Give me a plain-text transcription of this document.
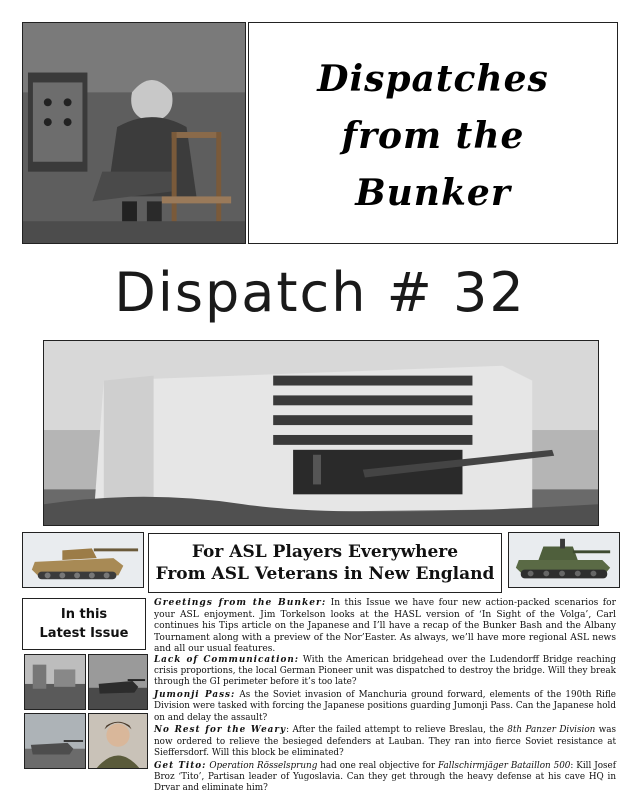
Dispatches
from the
Bunker
Dispatch # 32
For ASL Players Everywhere
From ASL Veterans in New England
In this
Latest Issue
Greetings from the Bunker: In this Issue we have four new action-packed scenarios for your ASL enjoyment. Jim Torkelson looks at the HASL version of ‘In Sight of the Volga’, Carl continues his Tips article on the Japanese and I’ll have a recap of the Bunker Bash and the Albany Tournament along with a preview of the Nor’Easter. As always, we’ll have more regional ASL news and all our usual features.
Lack of Communication: With the American bridgehead over the Ludendorff Bridge reaching crisis proportions, the local German Pioneer unit was dispatched to destroy the bridge. Will they break through the GI perimeter before it’s too late?
Jumonji Pass: As the Soviet invasion of Manchuria ground forward, elements of the 190th Rifle Division were tasked with forcing the Japanese positions guarding Jumonji Pass. Can the Japanese hold on and delay the assault?
No Rest for the Weary: After the failed attempt to relieve Breslau, the 8th Panzer Division was now ordered to relieve the besieged defenders at Lauban. They ran into fierce Soviet resistance at Sieffersdorf. Will this block be eliminated?
Get Tito: Operation Rösselsprung had one real objective for Fallschirmjäger Bataillon 500: Kill Josef Broz ‘Tito’, Partisan leader of Yugoslavia. Can they get through the heavy defense at his cave HQ in Drvar and eliminate him?
